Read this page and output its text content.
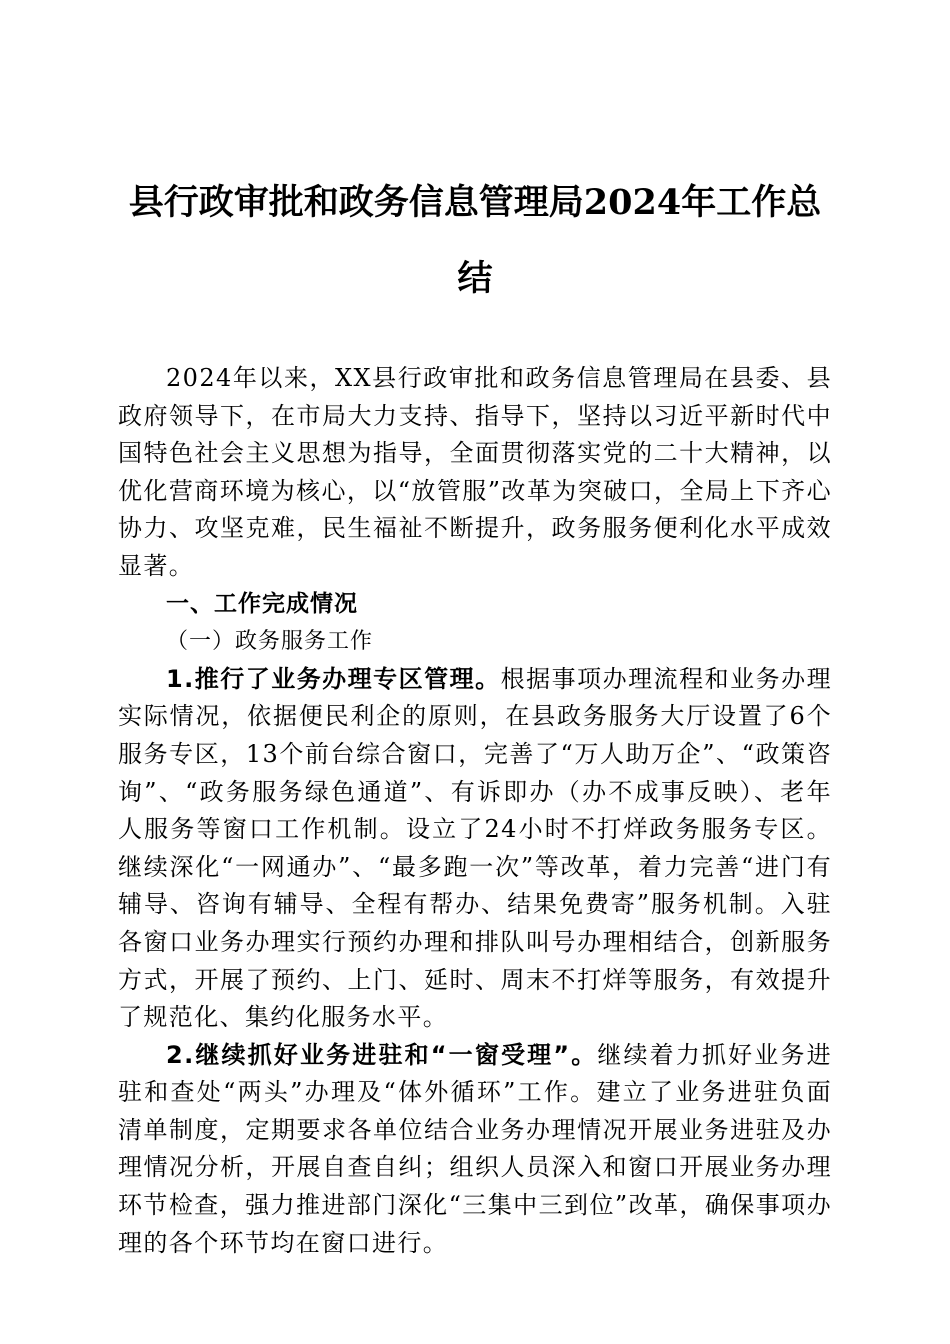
县行政审批和政务信息管理局2024年工作总
结

2024年以来，XX县行政审批和政务信息管理局在县委、县政府领导下，在市局大力支持、指导下，坚持以习近平新时代中国特色社会主义思想为指导，全面贯彻落实党的二十大精神，以优化营商环境为核心，以“放管服”改革为突破口，全局上下齐心协力、攻坚克难，民生福祉不断提升，政务服务便利化水平成效显著。

一、工作完成情况

（一）政务服务工作

1.推行了业务办理专区管理。根据事项办理流程和业务办理实际情况，依据便民利企的原则，在县政务服务大厅设置了6个服务专区，13个前台综合窗口，完善了“万人助万企”、“政策咨询”、“政务服务绿色通道”、有诉即办（办不成事反映）、老年人服务等窗口工作机制。设立了24小时不打烊政务服务专区。继续深化“一网通办”、“最多跑一次”等改革，着力完善“进门有辅导、咨询有辅导、全程有帮办、结果免费寄”服务机制。入驻各窗口业务办理实行预约办理和排队叫号办理相结合，创新服务方式，开展了预约、上门、延时、周末不打烊等服务，有效提升了规范化、集约化服务水平。

2.继续抓好业务进驻和“一窗受理”。继续着力抓好业务进驻和查处“两头”办理及“体外循环”工作。建立了业务进驻负面清单制度，定期要求各单位结合业务办理情况开展业务进驻及办理情况分析，开展自查自纠；组织人员深入和窗口开展业务办理环节检查，强力推进部门深化“三集中三到位”改革，确保事项办理的各个环节均在窗口进行。
